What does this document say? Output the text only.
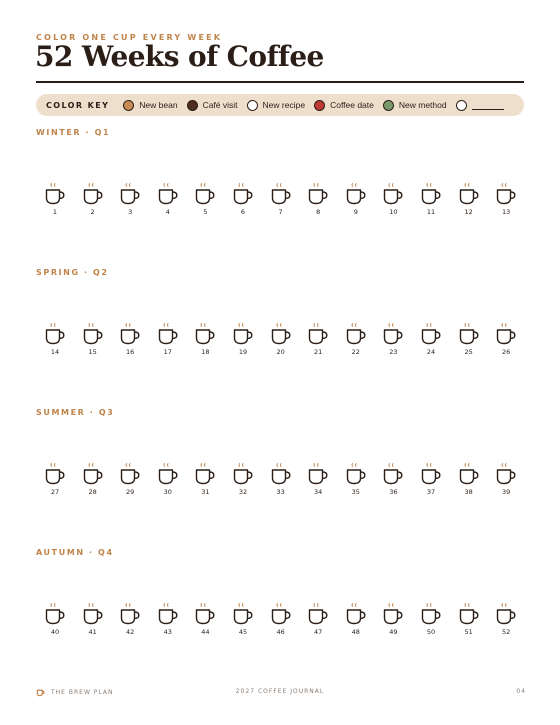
COLOR ONE CUP EVERY WEEK
52 Weeks of Coffee
COLOR KEY	New bean	Café visit	New recipe	Coffee date	New method
WINTER · Q1
1	2	3	4	5	6	7	8	9	10	11	12	13
SPRING · Q2
14	15	16	17	18	19	20	21	22	23	24	25	26
SUMMER · Q3
27	28	29	30	31	32	33	34	35	36	37	38	39
AUTUMN · Q4
40	41	42	43	44	45	46	47	48	49	50	51	52
THE BREW PLAN	2027 COFFEE JOURNAL	04
